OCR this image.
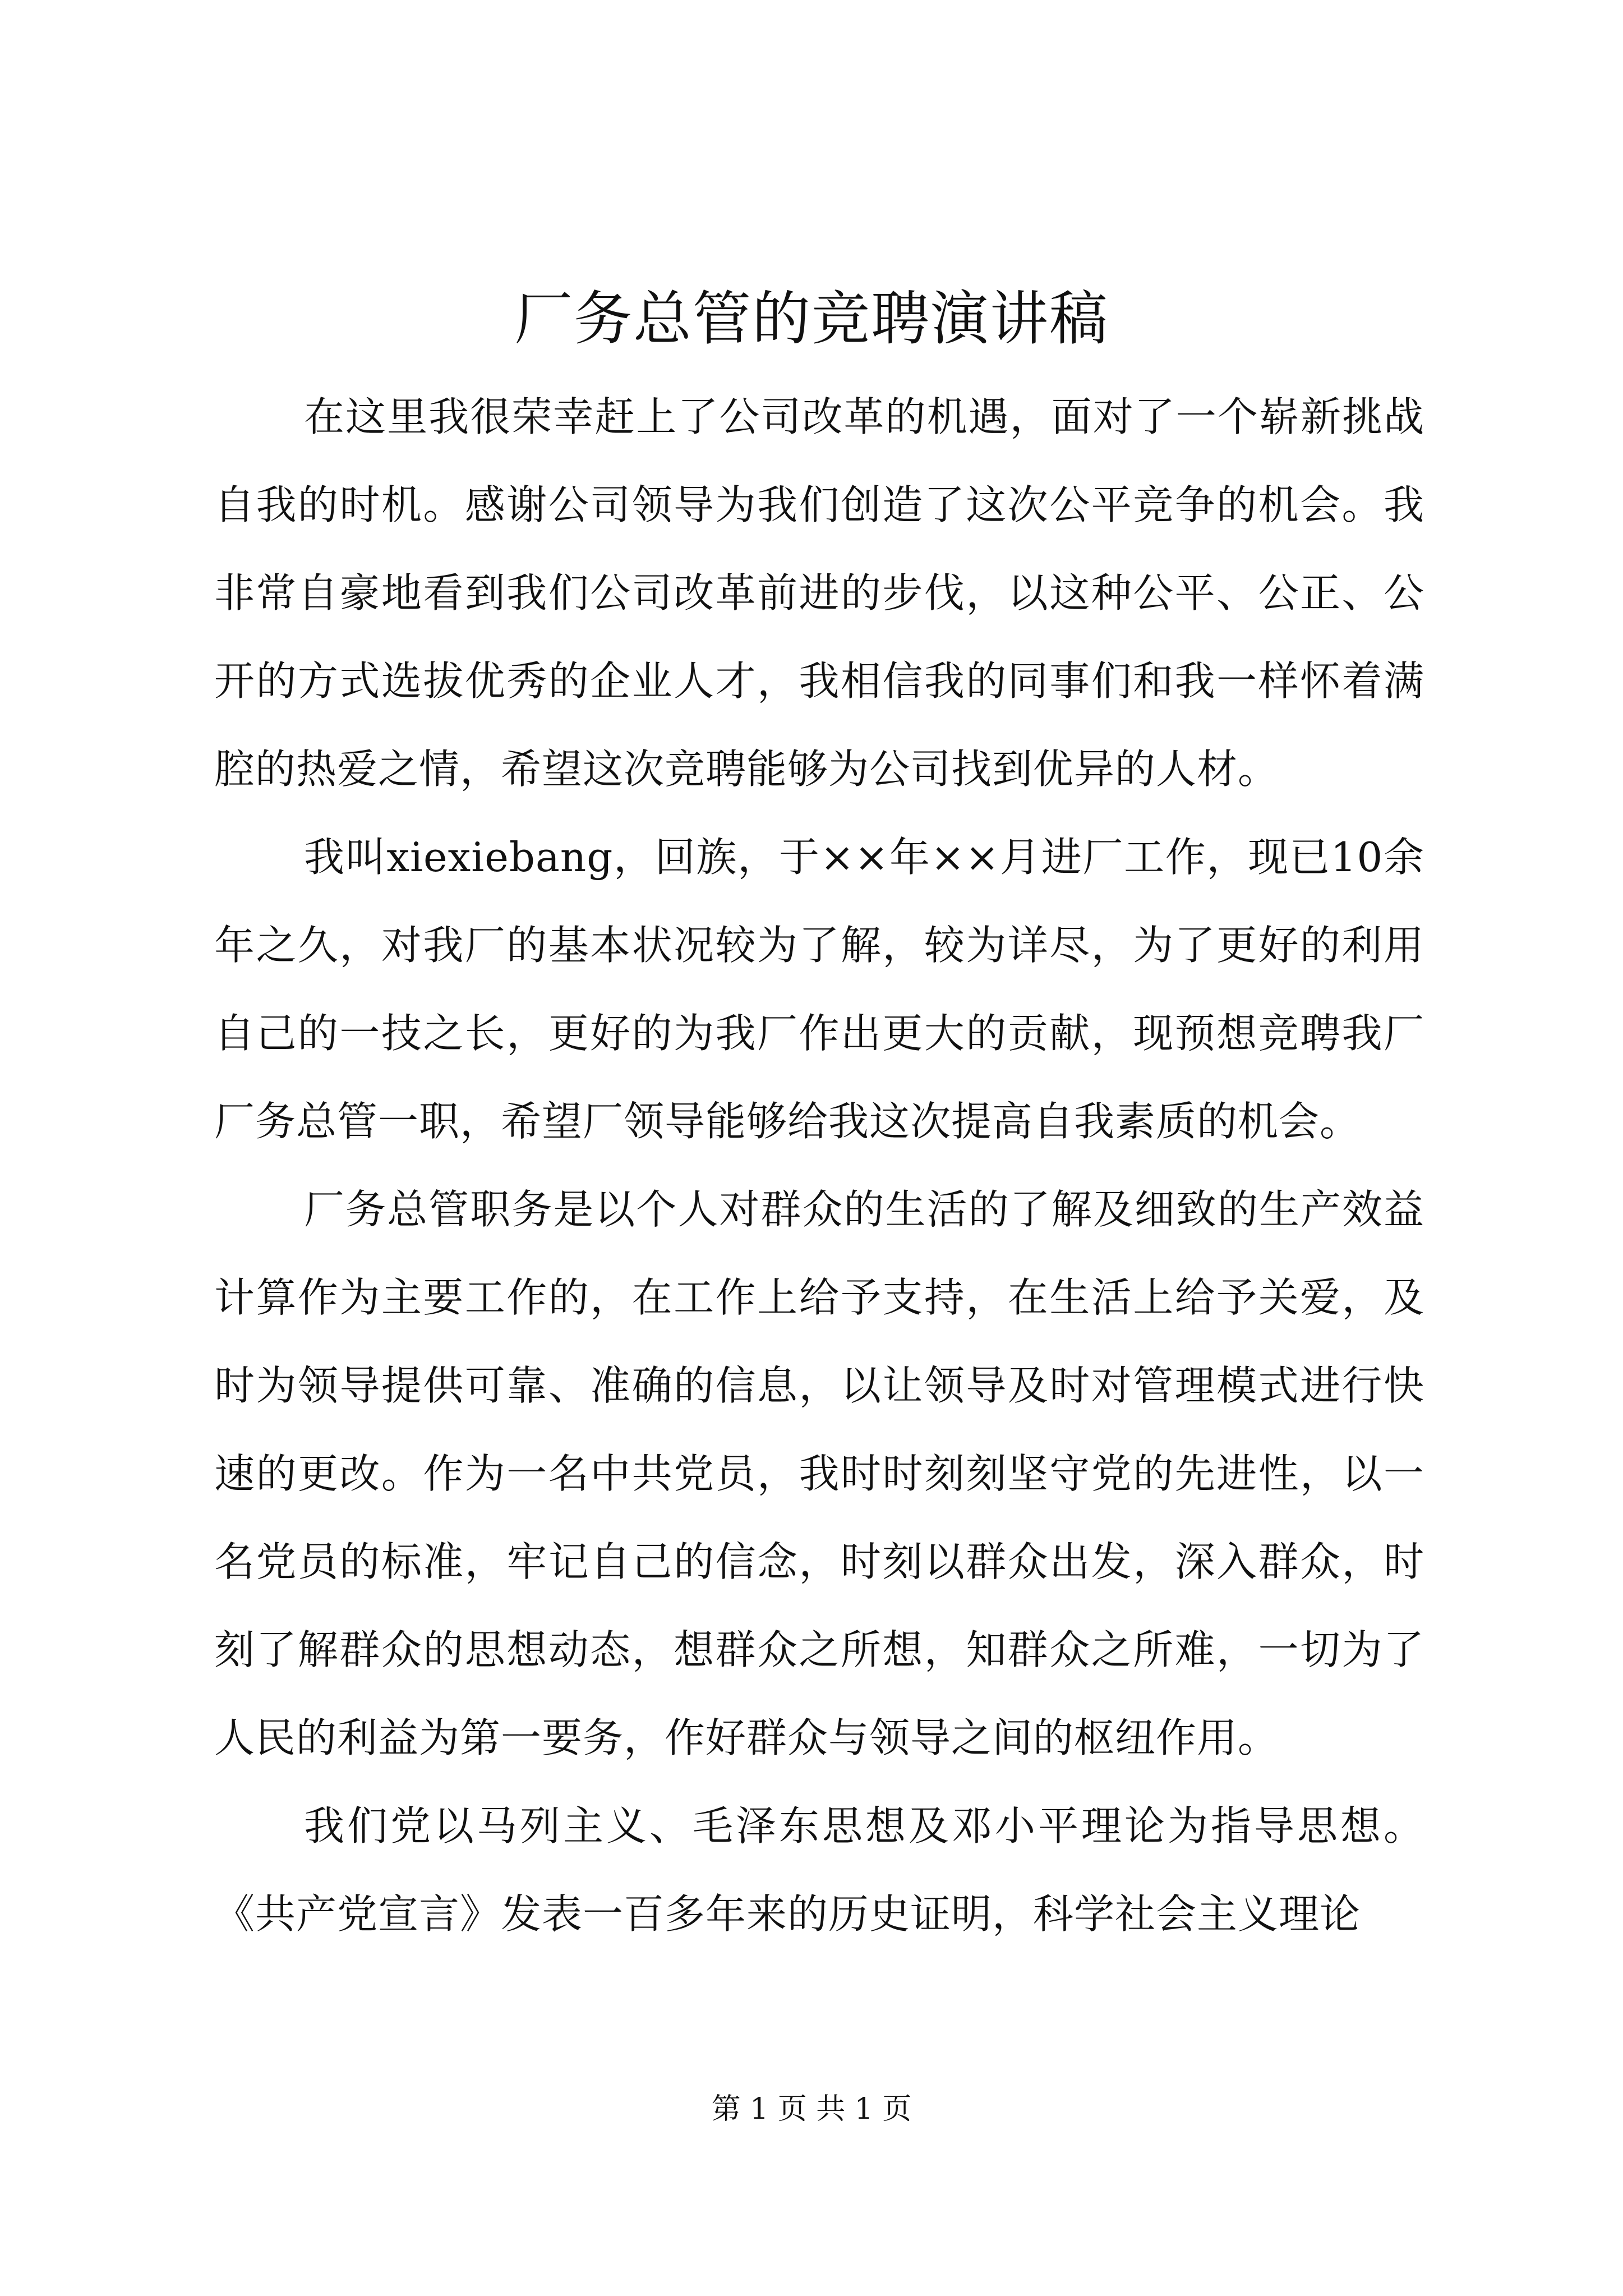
厂务总管的竞聘演讲稿

在这里我很荣幸赶上了公司改革的机遇，面对了一个崭新挑战自我的时机。感谢公司领导为我们创造了这次公平竞争的机会。我非常自豪地看到我们公司改革前进的步伐，以这种公平、公正、公开的方式选拔优秀的企业人才，我相信我的同事们和我一样怀着满腔的热爱之情，希望这次竞聘能够为公司找到优异的人材。

我叫xiexiebang，回族，于××年××月进厂工作，现已10余年之久，对我厂的基本状况较为了解，较为详尽，为了更好的利用自己的一技之长，更好的为我厂作出更大的贡献，现预想竞聘我厂厂务总管一职，希望厂领导能够给我这次提高自我素质的机会。

厂务总管职务是以个人对群众的生活的了解及细致的生产效益计算作为主要工作的，在工作上给予支持，在生活上给予关爱，及时为领导提供可靠、准确的信息，以让领导及时对管理模式进行快速的更改。作为一名中共党员，我时时刻刻坚守党的先进性，以一名党员的标准，牢记自己的信念，时刻以群众出发，深入群众，时刻了解群众的思想动态，想群众之所想，知群众之所难，一切为了人民的利益为第一要务，作好群众与领导之间的枢纽作用。

我们党以马列主义、毛泽东思想及邓小平理论为指导思想。《共产党宣言》发表一百多年来的历史证明，科学社会主义理论

第 1 页 共 1 页
